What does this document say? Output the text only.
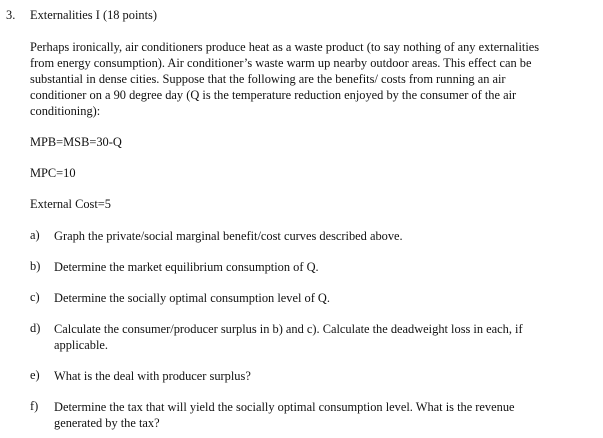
3. Externalities I (18 points)
Perhaps ironically, air conditioners produce heat as a waste product (to say nothing of any externalities
from energy consumption). Air conditioner’s waste warm up nearby outdoor areas. This effect can be
substantial in dense cities. Suppose that the following are the benefits/ costs from running an air
conditioner on a 90 degree day (Q is the temperature reduction enjoyed by the consumer of the air
conditioning):
MPB=MSB=30-Q
MPC=10
External Cost=5
a) Graph the private/social marginal benefit/cost curves described above.
b) Determine the market equilibrium consumption of Q.
c) Determine the socially optimal consumption level of Q.
d) Calculate the consumer/producer surplus in b) and c). Calculate the deadweight loss in each, if
applicable.
e) What is the deal with producer surplus?
f) Determine the tax that will yield the socially optimal consumption level. What is the revenue
generated by the tax?
